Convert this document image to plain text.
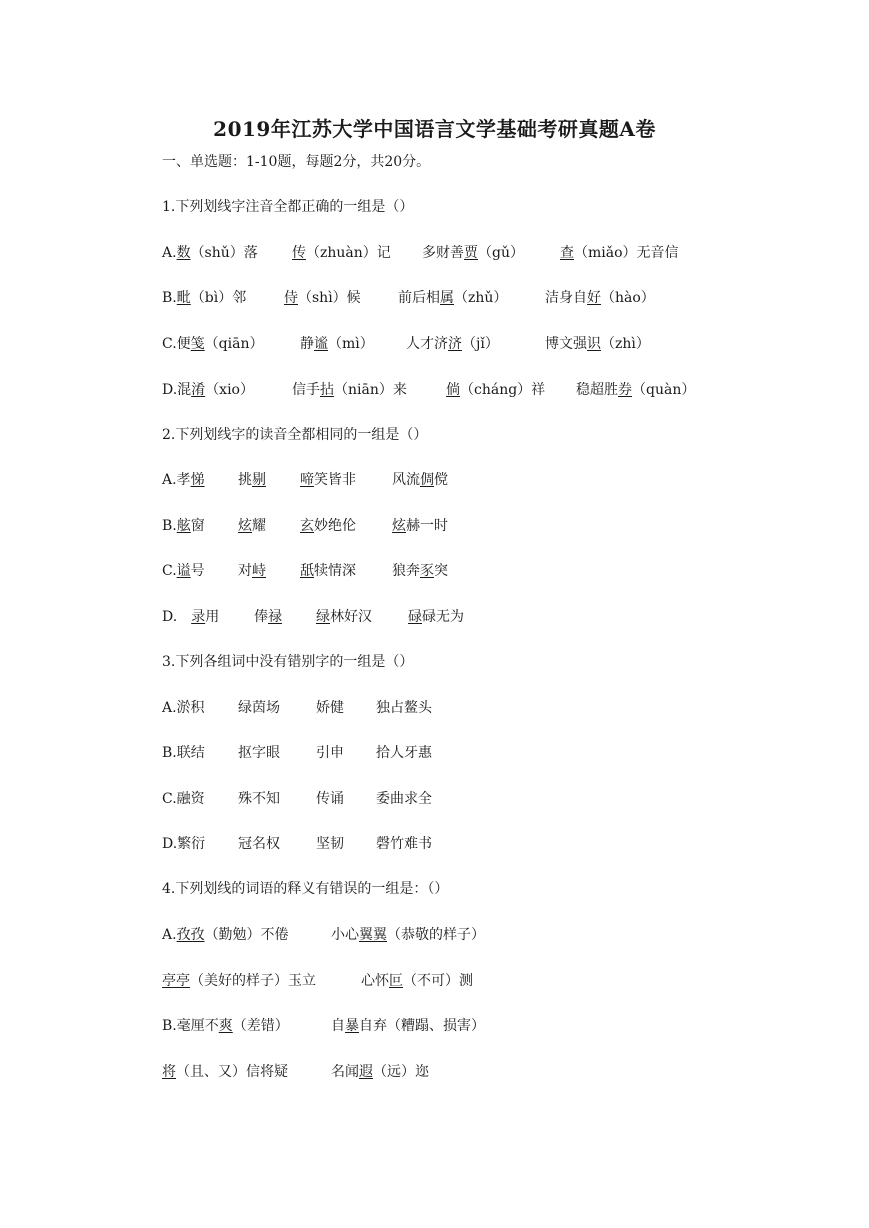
2019年江苏大学中国语言文学基础考研真题A卷
一、单选题：1-10题，每题2分，共20分。
1.下列划线字注音全都正确的一组是（）
A.数（shǔ）落 传（zhuàn）记 多财善贾（gǔ）	查（miǎo）无音信
B.毗（bì）邻	侍（shì）候	前后相属（zhǔ）	洁身自好（hào）
C.便笺（qiān）	静谧（mì） 人才济济（jǐ）	博文强识（zhì）
D.混淆（xio）	信手拈（niān）来	倘（cháng）祥 稳超胜券（quàn）
2.下列划线字的读音全都相同的一组是（）
A.孝悌 挑剔 啼笑皆非	风流倜傥
B.舷窗 炫耀 玄妙绝伦	炫赫一时
C.谥号 对峙 舐犊情深	狼奔豕突
D.　录用 俸禄 绿林好汉	碌碌无为
3.下列各组词中没有错别字的一组是（）
A.淤积 绿茵场	娇健 独占鳌头
B.联结 抠字眼	引申 拾人牙惠
C.融资 殊不知	传诵 委曲求全
D.繁衍 冠名权	坚韧 磬竹难书
4.下列划线的词语的释义有错误的一组是：（）
A.孜孜（勤勉）不倦	小心翼翼（恭敬的样子）
亭亭（美好的样子）玉立	心怀叵（不可）测
B.毫厘不爽（差错）	自暴自弃（糟蹋、损害）
将（且、又）信将疑	名闻遐（远）迩
